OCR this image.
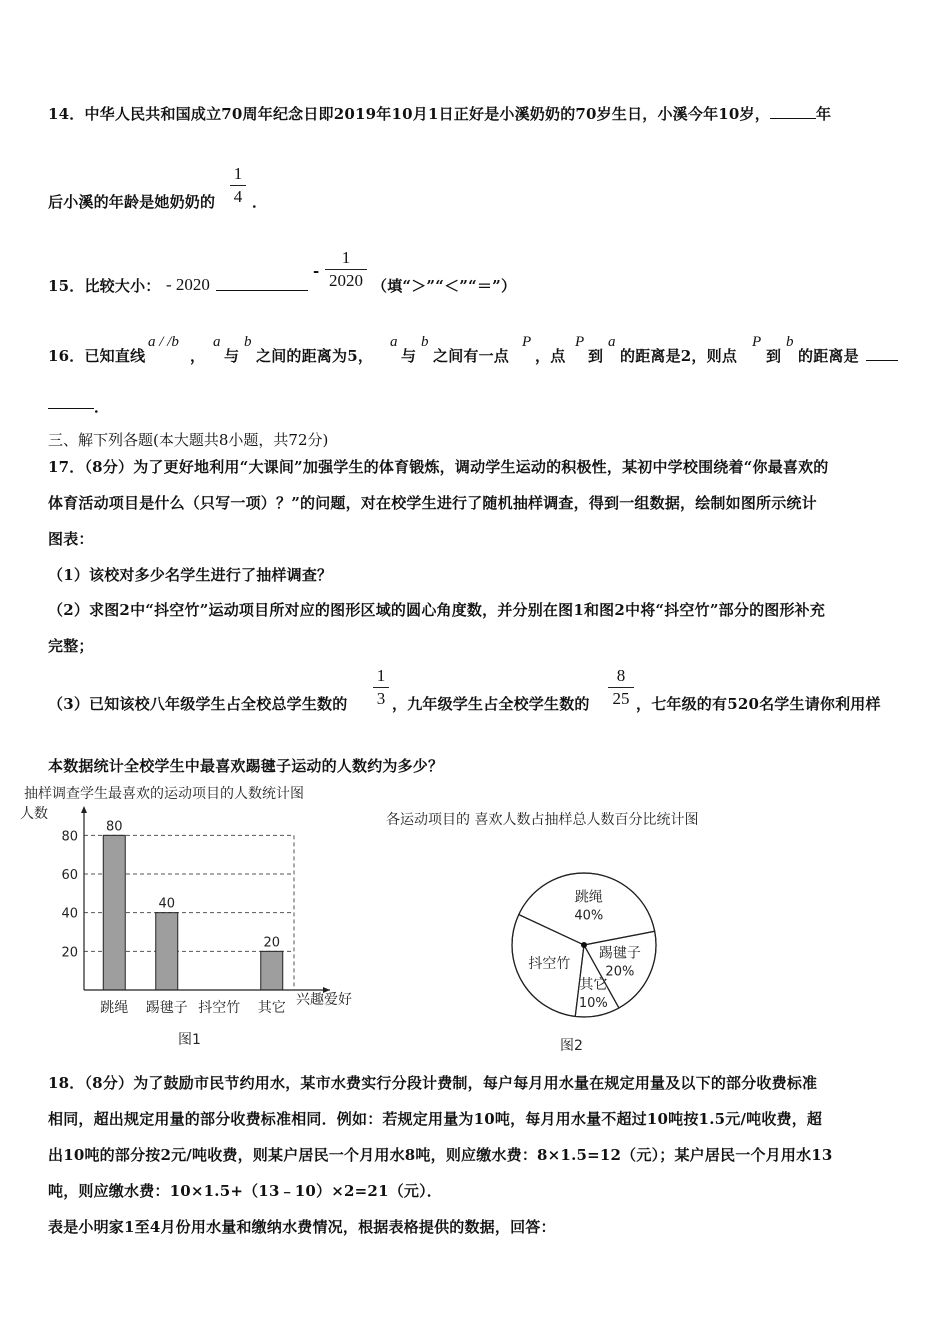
14．中华人民共和国成立70周年纪念日即2019年10月1日正好是小溪奶奶的70岁生日，小溪今年10岁，	年
后小溪的年龄是她奶奶的
1
4 ．
15．比较大小： - 2020
-
1
2020 （填“＞”“＜”“＝”）
16．已知直线
a / /b
，
a
与
b
之间的距离为5，
a
与
b
之间有一点
P
，点
P
到
a
的距离是2，则点
P
到
b
的距离是
．
三、解下列各题(本大题共8小题，共72分)
17．（8分）为了更好地利用“大课间”加强学生的体育锻炼，调动学生运动的积极性，某初中学校围绕着“你最喜欢的
体育活动项目是什么（只写一项）？”的问题，对在校学生进行了随机抽样调查，得到一组数据，绘制如图所示统计
图表：
（1）该校对多少名学生进行了抽样调查？
（2）求图2中“抖空竹”运动项目所对应的图形区域的圆心角度数，并分别在图1和图2中将“抖空竹”部分的图形补充
完整；
（3）已知该校八年级学生占全校总学生数的
1
3 ，九年级学生占全校学生数的
8
25 ，七年级的有520名学生请你利用样
本数据统计全校学生中最喜欢踢毽子运动的人数约为多少？
抽样调查学生最喜欢的运动项目的人数统计图
人数
20
40
60
80
80
跳绳
40
踢毽子 抖空竹
20
其它 兴趣爱好
图1
各运动项目的 喜欢人数占抽样总人数百分比统计图
跳绳
40%
踢毽子
20%
其它
10%
抖空竹
图2
18．（8分）为了鼓励市民节约用水，某市水费实行分段计费制，每户每月用水量在规定用量及以下的部分收费标准
相同，超出规定用量的部分收费标准相同．例如：若规定用量为10吨，每月用水量不超过10吨按1.5元/吨收费，超
出10吨的部分按2元/吨收费，则某户居民一个月用水8吨，则应缴水费：8×1.5=12（元）；某户居民一个月用水13
吨，则应缴水费：10×1.5+（13﹣10）×2=21（元）．
表是小明家1至4月份用水量和缴纳水费情况，根据表格提供的数据，回答：
